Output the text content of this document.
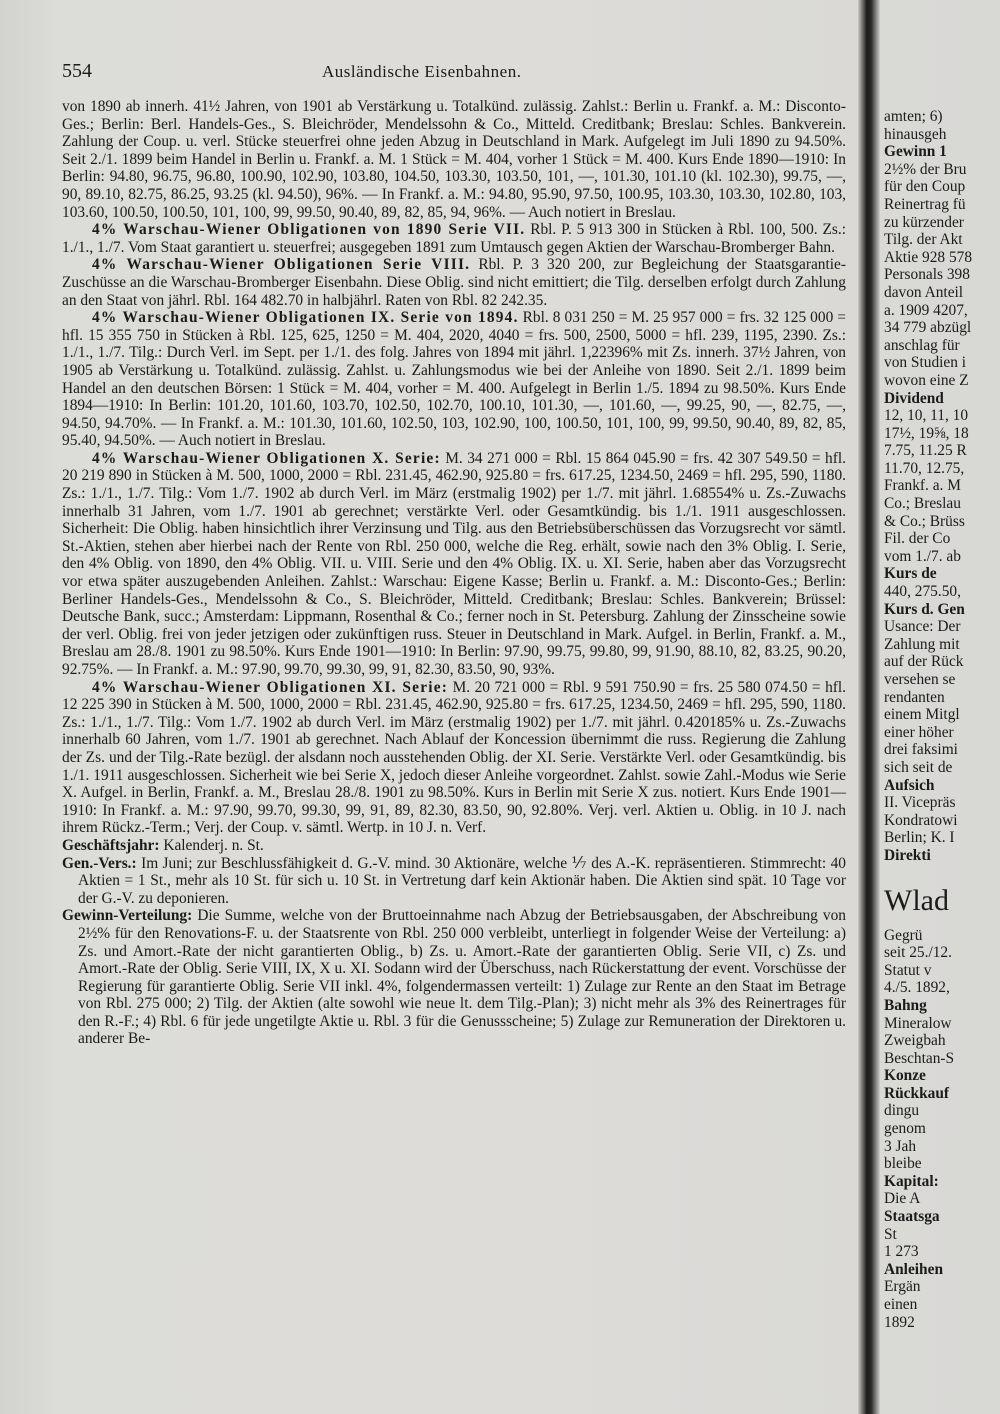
554	Ausländische Eisenbahnen.

von 1890 ab innerh. 41½ Jahren, von 1901 ab Verstärkung u. Totalkünd. zulässig. Zahlst.: Berlin u. Frankf. a. M.: Disconto-Ges.; Berlin: Berl. Handels-Ges., S. Bleichröder, Mendelssohn & Co., Mitteld. Creditbank; Breslau: Schles. Bankverein. Zahlung der Coup. u. verl. Stücke steuerfrei ohne jeden Abzug in Deutschland in Mark. Aufgelegt im Juli 1890 zu 94.50%. Seit 2./1. 1899 beim Handel in Berlin u. Frankf. a. M. 1 Stück = M. 404, vorher 1 Stück = M. 400. Kurs Ende 1890—1910: In Berlin: 94.80, 96.75, 96.80, 100.90, 102.90, 103.80, 104.50, 103.30, 103.50, 101, —, 101.30, 101.10 (kl. 102.30), 99.75, —, 90, 89.10, 82.75, 86.25, 93.25 (kl. 94.50), 96%. — In Frankf. a. M.: 94.80, 95.90, 97.50, 100.95, 103.30, 103.30, 102.80, 103, 103.60, 100.50, 100.50, 101, 100, 99, 99.50, 90.40, 89, 82, 85, 94, 96%. — Auch notiert in Breslau.

4% Warschau-Wiener Obligationen von 1890 Serie VII. Rbl. P. 5 913 300 in Stücken à Rbl. 100, 500. Zs.: 1./1., 1./7. Vom Staat garantiert u. steuerfrei; ausgegeben 1891 zum Umtausch gegen Aktien der Warschau-Bromberger Bahn.

4% Warschau-Wiener Obligationen Serie VIII. Rbl. P. 3 320 200, zur Begleichung der Staatsgarantie-Zuschüsse an die Warschau-Bromberger Eisenbahn. Diese Oblig. sind nicht emittiert; die Tilg. derselben erfolgt durch Zahlung an den Staat von jährl. Rbl. 164 482.70 in halbjährl. Raten von Rbl. 82 242.35.

4% Warschau-Wiener Obligationen IX. Serie von 1894. Rbl. 8 031 250 = M. 25 957 000 = frs. 32 125 000 = hfl. 15 355 750 in Stücken à Rbl. 125, 625, 1250 = M. 404, 2020, 4040 = frs. 500, 2500, 5000 = hfl. 239, 1195, 2390. Zs.: 1./1., 1./7. Tilg.: Durch Verl. im Sept. per 1./1. des folg. Jahres von 1894 mit jährl. 1,22396% mit Zs. innerh. 37½ Jahren, von 1905 ab Verstärkung u. Totalkünd. zulässig. Zahlst. u. Zahlungsmodus wie bei der Anleihe von 1890. Seit 2./1. 1899 beim Handel an den deutschen Börsen: 1 Stück = M. 404, vorher = M. 400. Aufgelegt in Berlin 1./5. 1894 zu 98.50%. Kurs Ende 1894—1910: In Berlin: 101.20, 101.60, 103.70, 102.50, 102.70, 100.10, 101.30, —, 101.60, —, 99.25, 90, —, 82.75, —, 94.50, 94.70%. — In Frankf. a. M.: 101.30, 101.60, 102.50, 103, 102.90, 100, 100.50, 101, 100, 99, 99.50, 90.40, 89, 82, 85, 95.40, 94.50%. — Auch notiert in Breslau.

4% Warschau-Wiener Obligationen X. Serie: M. 34 271 000 = Rbl. 15 864 045.90 = frs. 42 307 549.50 = hfl. 20 219 890 in Stücken à M. 500, 1000, 2000 = Rbl. 231.45, 462.90, 925.80 = frs. 617.25, 1234.50, 2469 = hfl. 295, 590, 1180. Zs.: 1./1., 1./7. Tilg.: Vom 1./7. 1902 ab durch Verl. im März (erstmalig 1902) per 1./7. mit jährl. 1.68554% u. Zs.-Zuwachs innerhalb 31 Jahren, vom 1./7. 1901 ab gerechnet; verstärkte Verl. oder Gesamtkündig. bis 1./1. 1911 ausgeschlossen. Sicherheit: Die Oblig. haben hinsichtlich ihrer Verzinsung und Tilg. aus den Betriebsüberschüssen das Vorzugsrecht vor sämtl. St.-Aktien, stehen aber hierbei nach der Rente von Rbl. 250 000, welche die Reg. erhält, sowie nach den 3% Oblig. I. Serie, den 4% Oblig. von 1890, den 4% Oblig. VII. u. VIII. Serie und den 4% Oblig. IX. u. XI. Serie, haben aber das Vorzugsrecht vor etwa später auszugebenden Anleihen. Zahlst.: Warschau: Eigene Kasse; Berlin u. Frankf. a. M.: Disconto-Ges.; Berlin: Berliner Handels-Ges., Mendelssohn & Co., S. Bleichröder, Mitteld. Creditbank; Breslau: Schles. Bankverein; Brüssel: Deutsche Bank, succ.; Amsterdam: Lippmann, Rosenthal & Co.; ferner noch in St. Petersburg. Zahlung der Zinsscheine sowie der verl. Oblig. frei von jeder jetzigen oder zukünftigen russ. Steuer in Deutschland in Mark. Aufgel. in Berlin, Frankf. a. M., Breslau am 28./8. 1901 zu 98.50%. Kurs Ende 1901—1910: In Berlin: 97.90, 99.75, 99.80, 99, 91.90, 88.10, 82, 83.25, 90.20, 92.75%. — In Frankf. a. M.: 97.90, 99.70, 99.30, 99, 91, 82.30, 83.50, 90, 93%.

4% Warschau-Wiener Obligationen XI. Serie: M. 20 721 000 = Rbl. 9 591 750.90 = frs. 25 580 074.50 = hfl. 12 225 390 in Stücken à M. 500, 1000, 2000 = Rbl. 231.45, 462.90, 925.80 = frs. 617.25, 1234.50, 2469 = hfl. 295, 590, 1180. Zs.: 1./1., 1./7. Tilg.: Vom 1./7. 1902 ab durch Verl. im März (erstmalig 1902) per 1./7. mit jährl. 0.420185% u. Zs.-Zuwachs innerhalb 60 Jahren, vom 1./7. 1901 ab gerechnet. Nach Ablauf der Koncession übernimmt die russ. Regierung die Zahlung der Zs. und der Tilg.-Rate bezügl. der alsdann noch ausstehenden Oblig. der XI. Serie. Verstärkte Verl. oder Gesamtkündig. bis 1./1. 1911 ausgeschlossen. Sicherheit wie bei Serie X, jedoch dieser Anleihe vorgeordnet. Zahlst. sowie Zahl.-Modus wie Serie X. Aufgel. in Berlin, Frankf. a. M., Breslau 28./8. 1901 zu 98.50%. Kurs in Berlin mit Serie X zus. notiert. Kurs Ende 1901—1910: In Frankf. a. M.: 97.90, 99.70, 99.30, 99, 91, 89, 82.30, 83.50, 90, 92.80%. Verj. verl. Aktien u. Oblig. in 10 J. nach ihrem Rückz.-Term.; Verj. der Coup. v. sämtl. Wertp. in 10 J. n. Verf.

Geschäftsjahr: Kalenderj. n. St.

Gen.-Vers.: Im Juni; zur Beschlussfähigkeit d. G.-V. mind. 30 Aktionäre, welche ⅐ des A.-K. repräsentieren. Stimmrecht: 40 Aktien = 1 St., mehr als 10 St. für sich u. 10 St. in Vertretung darf kein Aktionär haben. Die Aktien sind spät. 10 Tage vor der G.-V. zu deponieren.

Gewinn-Verteilung: Die Summe, welche von der Bruttoeinnahme nach Abzug der Betriebsausgaben, der Abschreibung von 2½% für den Renovations-F. u. der Staatsrente von Rbl. 250 000 verbleibt, unterliegt in folgender Weise der Verteilung: a) Zs. und Amort.-Rate der nicht garantierten Oblig., b) Zs. u. Amort.-Rate der garantierten Oblig. Serie VII, c) Zs. und Amort.-Rate der Oblig. Serie VIII, IX, X u. XI. Sodann wird der Überschuss, nach Rückerstattung der event. Vorschüsse der Regierung für garantierte Oblig. Serie VII inkl. 4%, folgendermassen verteilt: 1) Zulage zur Rente an den Staat im Betrage von Rbl. 275 000; 2) Tilg. der Aktien (alte sowohl wie neue lt. dem Tilg.-Plan); 3) nicht mehr als 3% des Reinertrages für den R.-F.; 4) Rbl. 6 für jede ungetilgte Aktie u. Rbl. 3 für die Genussscheine; 5) Zulage zur Remuneration der Direktoren u. anderer Be-

amten; 6)
hinausgeh
Gewinn 1
2½% der Bru
für den Coup
Reinertrag fü
zu kürzender
Tilg. der Akt
Aktie 928 578
Personals 398
davon Anteil
a. 1909 4207,
34 779 abzügl
anschlag für
von Studien i
wovon eine Z
Dividend
12, 10, 11, 10
17½, 19⅝, 18
7.75, 11.25 R
11.70, 12.75,
Frankf. a. M
Co.; Breslau
& Co.; Brüss
Fil. der Co
vom 1./7. ab
Kurs de
440, 275.50,
Kurs d. Gen
Usance: Der
Zahlung mit
auf der Rück
versehen se
rendanten
einem Mitgl
einer höher
drei faksimi
sich seit de
Aufsich
II. Vicepräs
Kondratowi
Berlin; K. I
Direkti
Wlad
Gegrü
seit 25./12.
Statut v
4./5. 1892,
Bahng
Mineralow
Zweigbah
Beschtan-S
Konze
Rückkauf
dingu
genom
3 Jah
bleibe
Kapital:
Die A
Staatsga
St
1 273
Anleihen
Ergän
einen
1892
